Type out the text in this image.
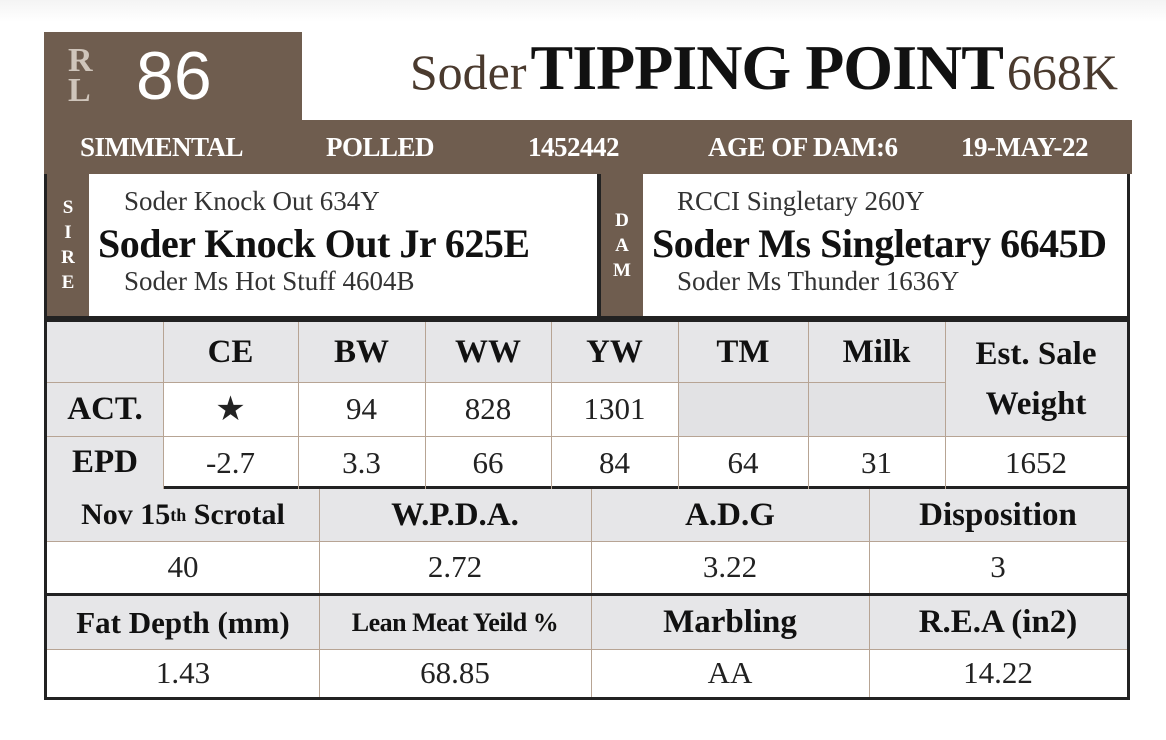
R
L 86	Soder TIPPING POINT 668K
SIMMENTAL	POLLED	1452442	AGE OF DAM:6 19-MAY-22
S
I
R
E
Soder Knock Out 634Y
Soder Knock Out Jr 625E
Soder Ms Hot Stuff 4604B
D
A
M
RCCI Singletary 260Y
Soder Ms Singletary 6645D
Soder Ms Thunder 1636Y
CE	BW	WW	YW	TM	Milk	Est. Sale
Weight
ACT.	★	94	828	1301
EPD	-2.7	3.3	66	84	64	31	1652
Nov 15 th Scrotal	W.P.D.A.	A.D.G	Disposition
40	2.72	3.22	3
Fat Depth (mm)	Lean Meat Yeild %	Marbling	R.E.A (in2)
1.43	68.85	AA	14.22
